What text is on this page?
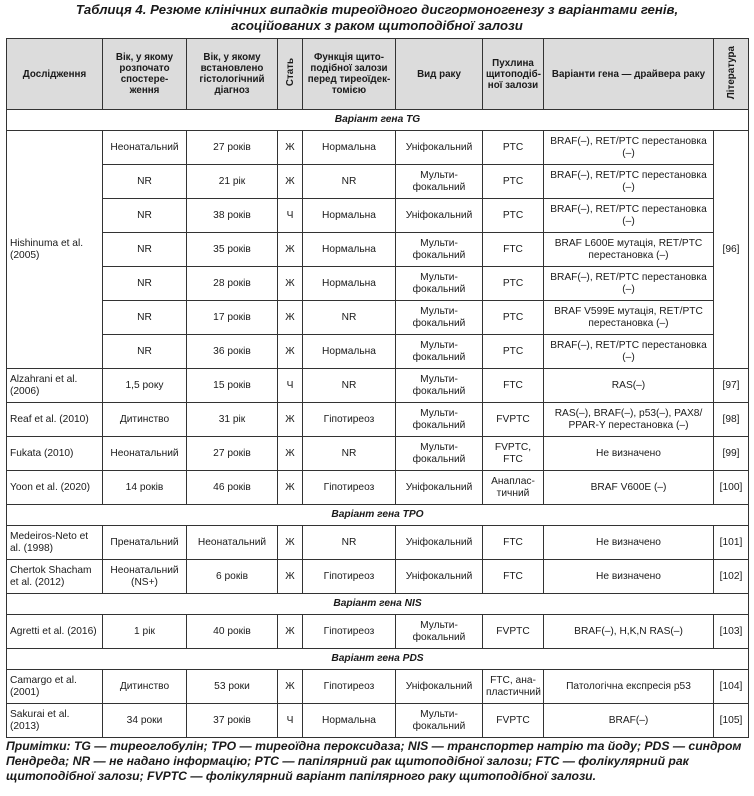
Таблиця 4. Резюме клінічних випадків тиреоїдного дисгормоногенезу з варіантами генів,
асоційованих з раком щитоподібної залози
Дослідження	Вік, у якому розпочато спостере-ження	Вік, у якому встановлено гістологічний діагноз	Стать	Функція щито-подібної залози перед тиреоїдек-томією	Вид раку	Пухлина щитоподіб-ної залози	Варіанти гена — драйвера раку	Література
Варіант гена TG								
Hishinuma et al. (2005)	Неонатальний	27 років	Ж	Нормальна	Уніфокальний	PTC	BRAF(–), RET/PTC перестановка (–)	[96]
	NR	21 рік	Ж	NR	Мульти-фокальний	PTC	BRAF(–), RET/PTC перестановка (–)	
	NR	38 років	Ч	Нормальна	Уніфокальний	PTC	BRAF(–), RET/PTC перестановка (–)	
	NR	35 років	Ж	Нормальна	Мульти-фокальний	FTC	BRAF L600E мутація, RET/PTC перестановка (–)	
	NR	28 років	Ж	Нормальна	Мульти-фокальний	PTC	BRAF(–), RET/PTC перестановка (–)	
	NR	17 років	Ж	NR	Мульти-фокальний	PTC	BRAF V599E мутація, RET/PTC перестановка (–)	
	NR	36 років	Ж	Нормальна	Мульти-фокальний	PTC	BRAF(–), RET/PTC перестановка (–)	
Alzahrani et al. (2006)	1,5 року	15 років	Ч	NR	Мульти-фокальний	FTC	RAS(–)	[97]
Reaf et al. (2010)	Дитинство	31 рік	Ж	Гіпотиреоз	Мульти-фокальний	FVPTC	RAS(–), BRAF(–), p53(–), PAX8/ PPAR-Y перестановка (–)	[98]
Fukata (2010)	Неонатальний	27 років	Ж	NR	Мульти-фокальний	FVPTC, FTC	Не визначено	[99]
Yoon et al. (2020)	14 років	46 років	Ж	Гіпотиреоз	Уніфокальний	Анаплас-тичний	BRAF V600E (–)	[100]
Варіант гена TPO								
Medeiros-Neto et al. (1998)	Пренатальний	Неонатальний	Ж	NR	Уніфокальний	FTC	Не визначено	[101]
Chertok Shacham et al. (2012)	Неонатальний (NS+)	6 років	Ж	Гіпотиреоз	Уніфокальний	FTC	Не визначено	[102]
Варіант гена NIS								
Agretti et al. (2016)	1 рік	40 років	Ж	Гіпотиреоз	Мульти-фокальний	FVPTC	BRAF(–), H,K,N RAS(–)	[103]
Варіант гена PDS								
Camargo et al. (2001)	Дитинство	53 роки	Ж	Гіпотиреоз	Уніфокальний	FTC, ана-пластичний	Патологічна експресія p53	[104]
Sakurai et al. (2013)	34 роки	37 років	Ч	Нормальна	Мульти-фокальний	FVPTC	BRAF(–)	[105]
Примітки: TG — тиреоглобулін; TPO — тиреоїдна пероксидаза; NIS — транспортер натрію та йоду; PDS — синдром Пендреда; NR — не надано інформацію; PTC — папілярний рак щитоподібної залози; FTC — фолікулярний рак щитоподібної залози; FVPTC — фолікулярний варіант папілярного раку щитоподібної залози.
